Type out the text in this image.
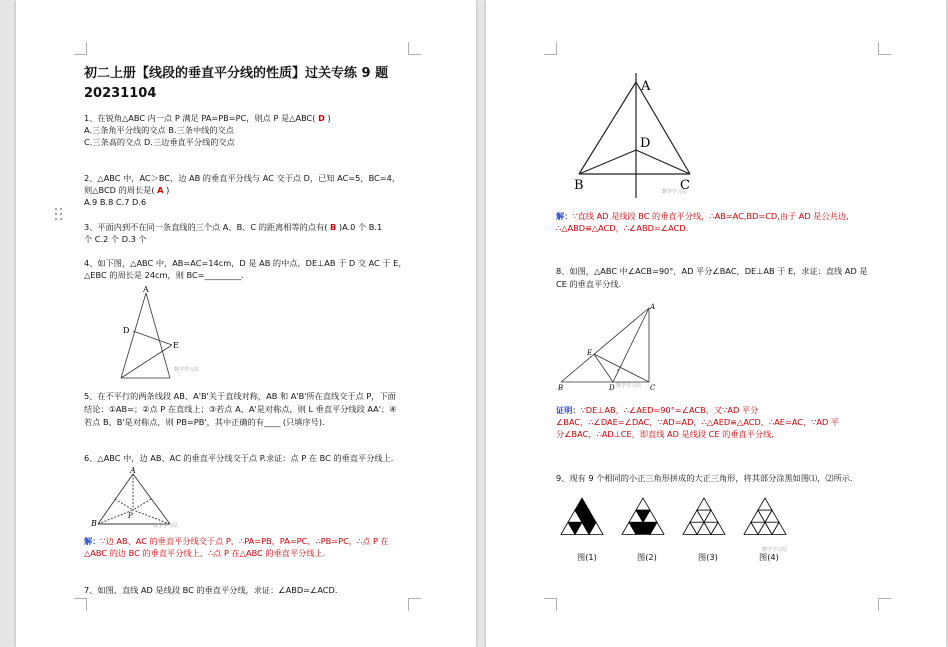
初二上册【线段的垂直平分线的性质】过关专练 9 题
20231104
1、在锐角△ABC 内一点 P 满足 PA=PB=PC，则点 P 是△ABC( D )
A.三条角平分线的交点 B.三条中线的交点
C.三条高的交点 D.三边垂直平分线的交点
2、△ABC 中，AC＞BC，边 AB 的垂直平分线与 AC 交于点 D，已知 AC=5，BC=4，
则△BCD 的周长是( A )
A.9 B.8 C.7 D.6
3、平面内到不在同一条直线的三个点 A、B、C 的距离相等的点有( B )A.0 个 B.1
个 C.2 个 D.3 个
4、如下图，△ABC 中，AB=AC=14cm，D 是 AB 的中点，DE⊥AB 于 D 交 AC 于 E，
△EBC 的周长是 24cm，则 BC=_________.
A
D
E
数学学习站
5、在不平行的两条线段 AB、A'B'关于直线对称，AB 和 A'B'所在直线交于点 P，下面
结论：①AB=；②点 P 在直线上；③若点 A、A'是对称点，则 L 垂直平分线段 AA'；④
若点 B、B'是对称点，则 PB=PB'，其中正确的有____ (只填序号).
6、△ABC 中，边 AB、AC 的垂直平分线交于点 P.求证：点 P 在 BC 的垂直平分线上.
A
B
P
数学学习站
解：∵边 AB、AC 的垂直平分线交于点 P，∴PA=PB，PA=PC，∴PB=PC，∴点 P 在
△ABC 的边 BC 的垂直平分线上，∴点 P 在△ABC 的垂直平分线上.
7、如图，直线 AD 是线段 BC 的垂直平分线，求证：∠ABD=∠ACD.
A
D
B	C
数学学习站
解：∵直线 AD 是线段 BC 的垂直平分线，∴AB=AC,BD=CD,由于 AD 是公共边,
∴△ABD≌△ACD，∴∠ABD=∠ACD.
8、如图，△ABC 中∠ACB=90°，AD 平分∠BAC，DE⊥AB 于 E，求证：直线 AD 是
CE 的垂直平分线.
A
E
B	D	C
数学学习站
证明：∵DE⊥AB，∴∠AED=90°=∠ACB，又∵AD 平分
∠BAC，∴∠DAE=∠DAC，∵AD=AD，∴△AED≌△ACD，∴AE=AC，∵AD 平
分∠BAC，∴AD⊥CE，即直线 AD 是线段 CE 的垂直平分线.
9、现有 9 个相同的小正三角形拼成的大正三角形，将其部分涂黑如图⑴，⑵所示.
图(1)	图(2)	图(3)	图(4)
数学学习站
